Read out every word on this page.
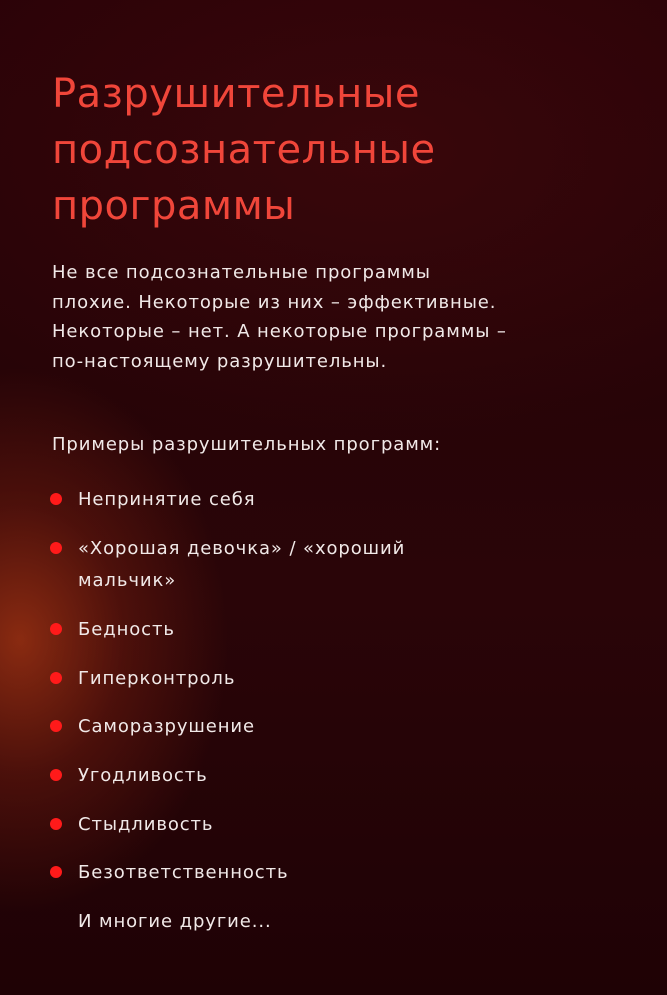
Разрушительные
подсознательные
программы

Не все подсознательные программы
плохие. Некоторые из них – эффективные.
Некоторые – нет. А некоторые программы –
по-настоящему разрушительны.

Примеры разрушительных программ:

Непринятие себя
«Хорошая девочка» / «хороший
мальчик»
Бедность
Гиперконтроль
Саморазрушение
Угодливость
Стыдливость
Безответственность
И многие другие...
